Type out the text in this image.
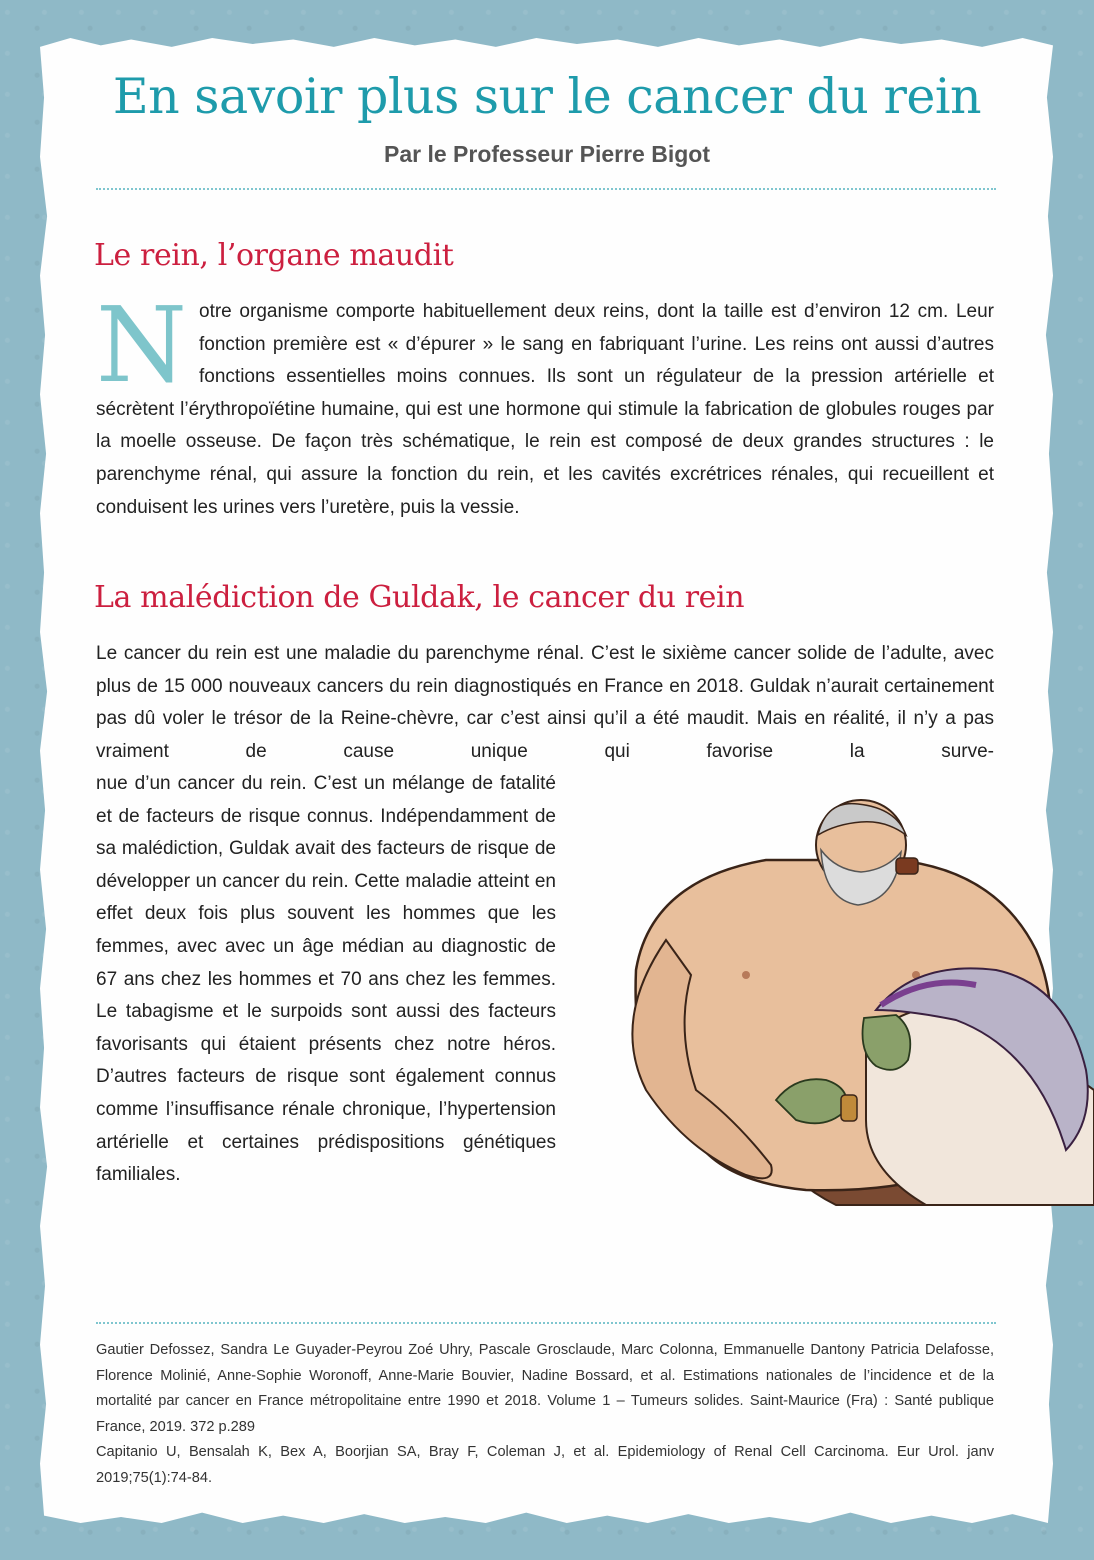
En savoir plus sur le cancer du rein
Par le Professeur Pierre Bigot
Le rein, l’organe maudit

Notre organisme comporte habituellement deux reins, dont la taille est d’environ 12 cm. Leur fonction première est « d’épurer » le sang en fabriquant l’urine. Les reins ont aussi d’autres fonctions essentielles moins connues. Ils sont un régulateur de la pression artérielle et sécrètent l’érythropoïétine humaine, qui est une hormone qui stimule la fabrication de globules rouges par la moelle osseuse. De façon très schématique, le rein est composé de deux grandes structures : le parenchyme rénal, qui assure la fonction du rein, et les cavités excrétrices rénales, qui recueillent et conduisent les urines vers l’uretère, puis la vessie.

La malédiction de Guldak, le cancer du rein

Le cancer du rein est une maladie du parenchyme rénal. C’est le sixième cancer solide de l’adulte, avec plus de 15 000 nouveaux cancers du rein diagnostiqués en France en 2018. Guldak n’aurait certainement pas dû voler le trésor de la Reine-chèvre, car c’est ainsi qu’il a été maudit. Mais en réalité, il n’y a pas vraiment de cause unique qui favorise la surve-

nue d’un cancer du rein. C’est un mélange de fatalité et de facteurs de risque connus. Indépendamment de sa malédiction, Guldak avait des facteurs de risque de développer un cancer du rein. Cette maladie atteint en effet deux fois plus souvent les hommes que les femmes, avec avec un âge médian au diagnostic de 67 ans chez les hommes et 70 ans chez les femmes. Le tabagisme et le surpoids sont aussi des facteurs favorisants qui étaient présents chez notre héros. D’autres facteurs de risque sont également connus comme l’insuffisance rénale chronique, l’hypertension artérielle et certaines prédispositions génétiques familiales.

Gautier Defossez, Sandra Le Guyader-Peyrou Zoé Uhry, Pascale Grosclaude, Marc Colonna, Emmanuelle Dantony Patricia Delafosse, Florence Molinié, Anne-Sophie Woronoff, Anne-Marie Bouvier, Nadine Bossard, et al. Estimations nationales de l’incidence et de la mortalité par cancer en France métropolitaine entre 1990 et 2018. Volume 1 – Tumeurs solides. Saint-Maurice (Fra) : Santé publique France, 2019. 372 p.289

Capitanio U, Bensalah K, Bex A, Boorjian SA, Bray F, Coleman J, et al. Epidemiology of Renal Cell Carcinoma. Eur Urol. janv 2019;75(1):74-84.
